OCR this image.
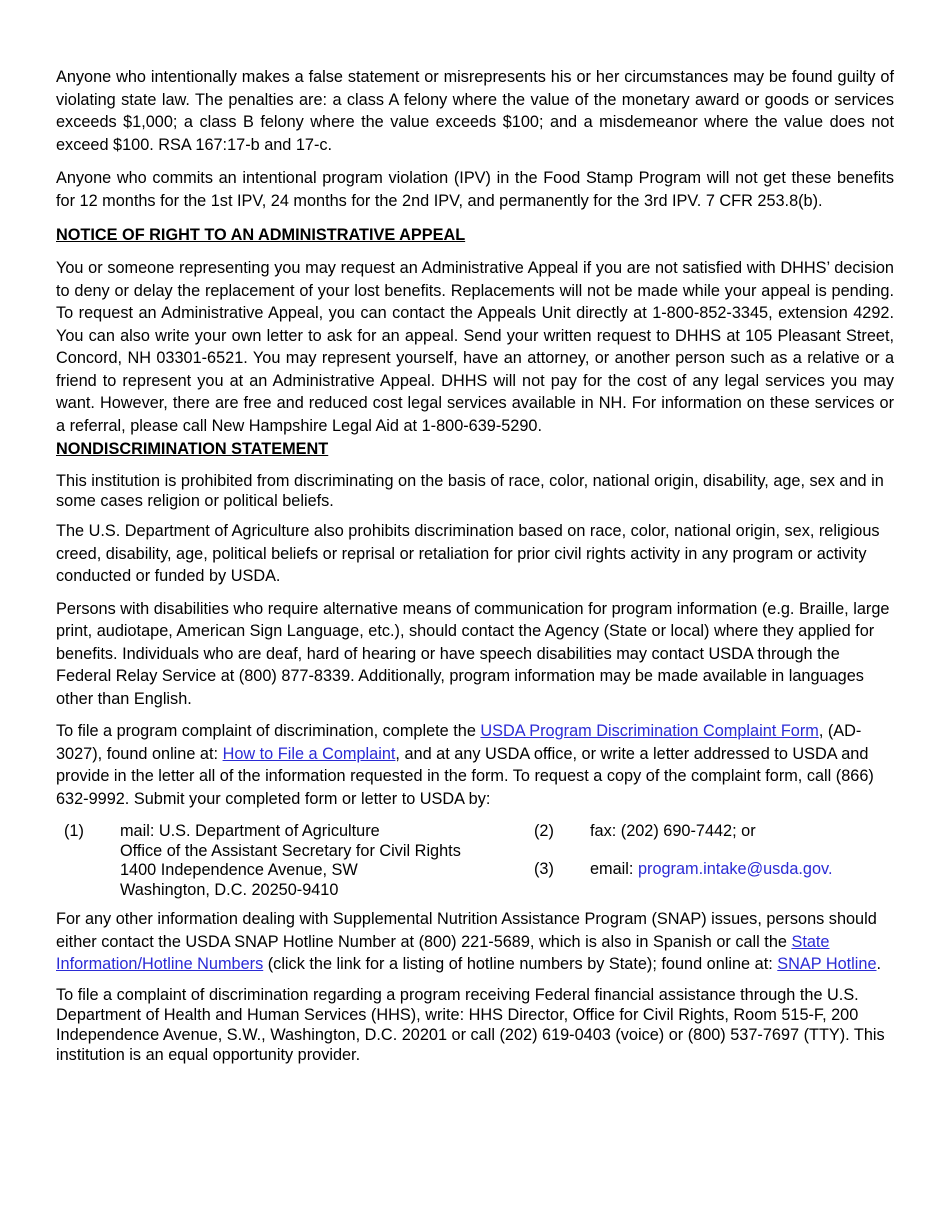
Anyone who intentionally makes a false statement or misrepresents his or her circumstances may be found guilty of violating state law. The penalties are: a class A felony where the value of the monetary award or goods or services exceeds $1,000; a class B felony where the value exceeds $100; and a misdemeanor where the value does not exceed $100. RSA 167:17-b and 17-c.

Anyone who commits an intentional program violation (IPV) in the Food Stamp Program will not get these benefits for 12 months for the 1st IPV, 24 months for the 2nd IPV, and permanently for the 3rd IPV. 7 CFR 253.8(b).

NOTICE OF RIGHT TO AN ADMINISTRATIVE APPEAL

You or someone representing you may request an Administrative Appeal if you are not satisfied with DHHS’ decision to deny or delay the replacement of your lost benefits. Replacements will not be made while your appeal is pending. To request an Administrative Appeal, you can contact the Appeals Unit directly at 1-800-852-3345, extension 4292. You can also write your own letter to ask for an appeal. Send your written request to DHHS at 105 Pleasant Street, Concord, NH 03301-6521. You may represent yourself, have an attorney, or another person such as a relative or a friend to represent you at an Administrative Appeal. DHHS will not pay for the cost of any legal services you may want. However, there are free and reduced cost legal services available in NH. For information on these services or a referral, please call New Hampshire Legal Aid at 1-800-639-5290.

NONDISCRIMINATION STATEMENT

This institution is prohibited from discriminating on the basis of race, color, national origin, disability, age, sex and in some cases religion or political beliefs.

The U.S. Department of Agriculture also prohibits discrimination based on race, color, national origin, sex, religious creed, disability, age, political beliefs or reprisal or retaliation for prior civil rights activity in any program or activity conducted or funded by USDA.

Persons with disabilities who require alternative means of communication for program information (e.g. Braille, large print, audiotape, American Sign Language, etc.), should contact the Agency (State or local) where they applied for benefits. Individuals who are deaf, hard of hearing or have speech disabilities may contact USDA through the Federal Relay Service at (800) 877-8339. Additionally, program information may be made available in languages other than English.

To file a program complaint of discrimination, complete the USDA Program Discrimination Complaint Form, (AD-3027), found online at: How to File a Complaint, and at any USDA office, or write a letter addressed to USDA and provide in the letter all of the information requested in the form. To request a copy of the complaint form, call (866) 632-9992. Submit your completed form or letter to USDA by:

(1) mail: U.S. Department of Agriculture
Office of the Assistant Secretary for Civil Rights
1400 Independence Avenue, SW
Washington, D.C. 20250-9410
(2) fax: (202) 690-7442; or
(3) email: program.intake@usda.gov.

For any other information dealing with Supplemental Nutrition Assistance Program (SNAP) issues, persons should either contact the USDA SNAP Hotline Number at (800) 221-5689, which is also in Spanish or call the State Information/Hotline Numbers (click the link for a listing of hotline numbers by State); found online at: SNAP Hotline.

To file a complaint of discrimination regarding a program receiving Federal financial assistance through the U.S. Department of Health and Human Services (HHS), write: HHS Director, Office for Civil Rights, Room 515-F, 200 Independence Avenue, S.W., Washington, D.C. 20201 or call (202) 619-0403 (voice) or (800) 537-7697 (TTY). This institution is an equal opportunity provider.
